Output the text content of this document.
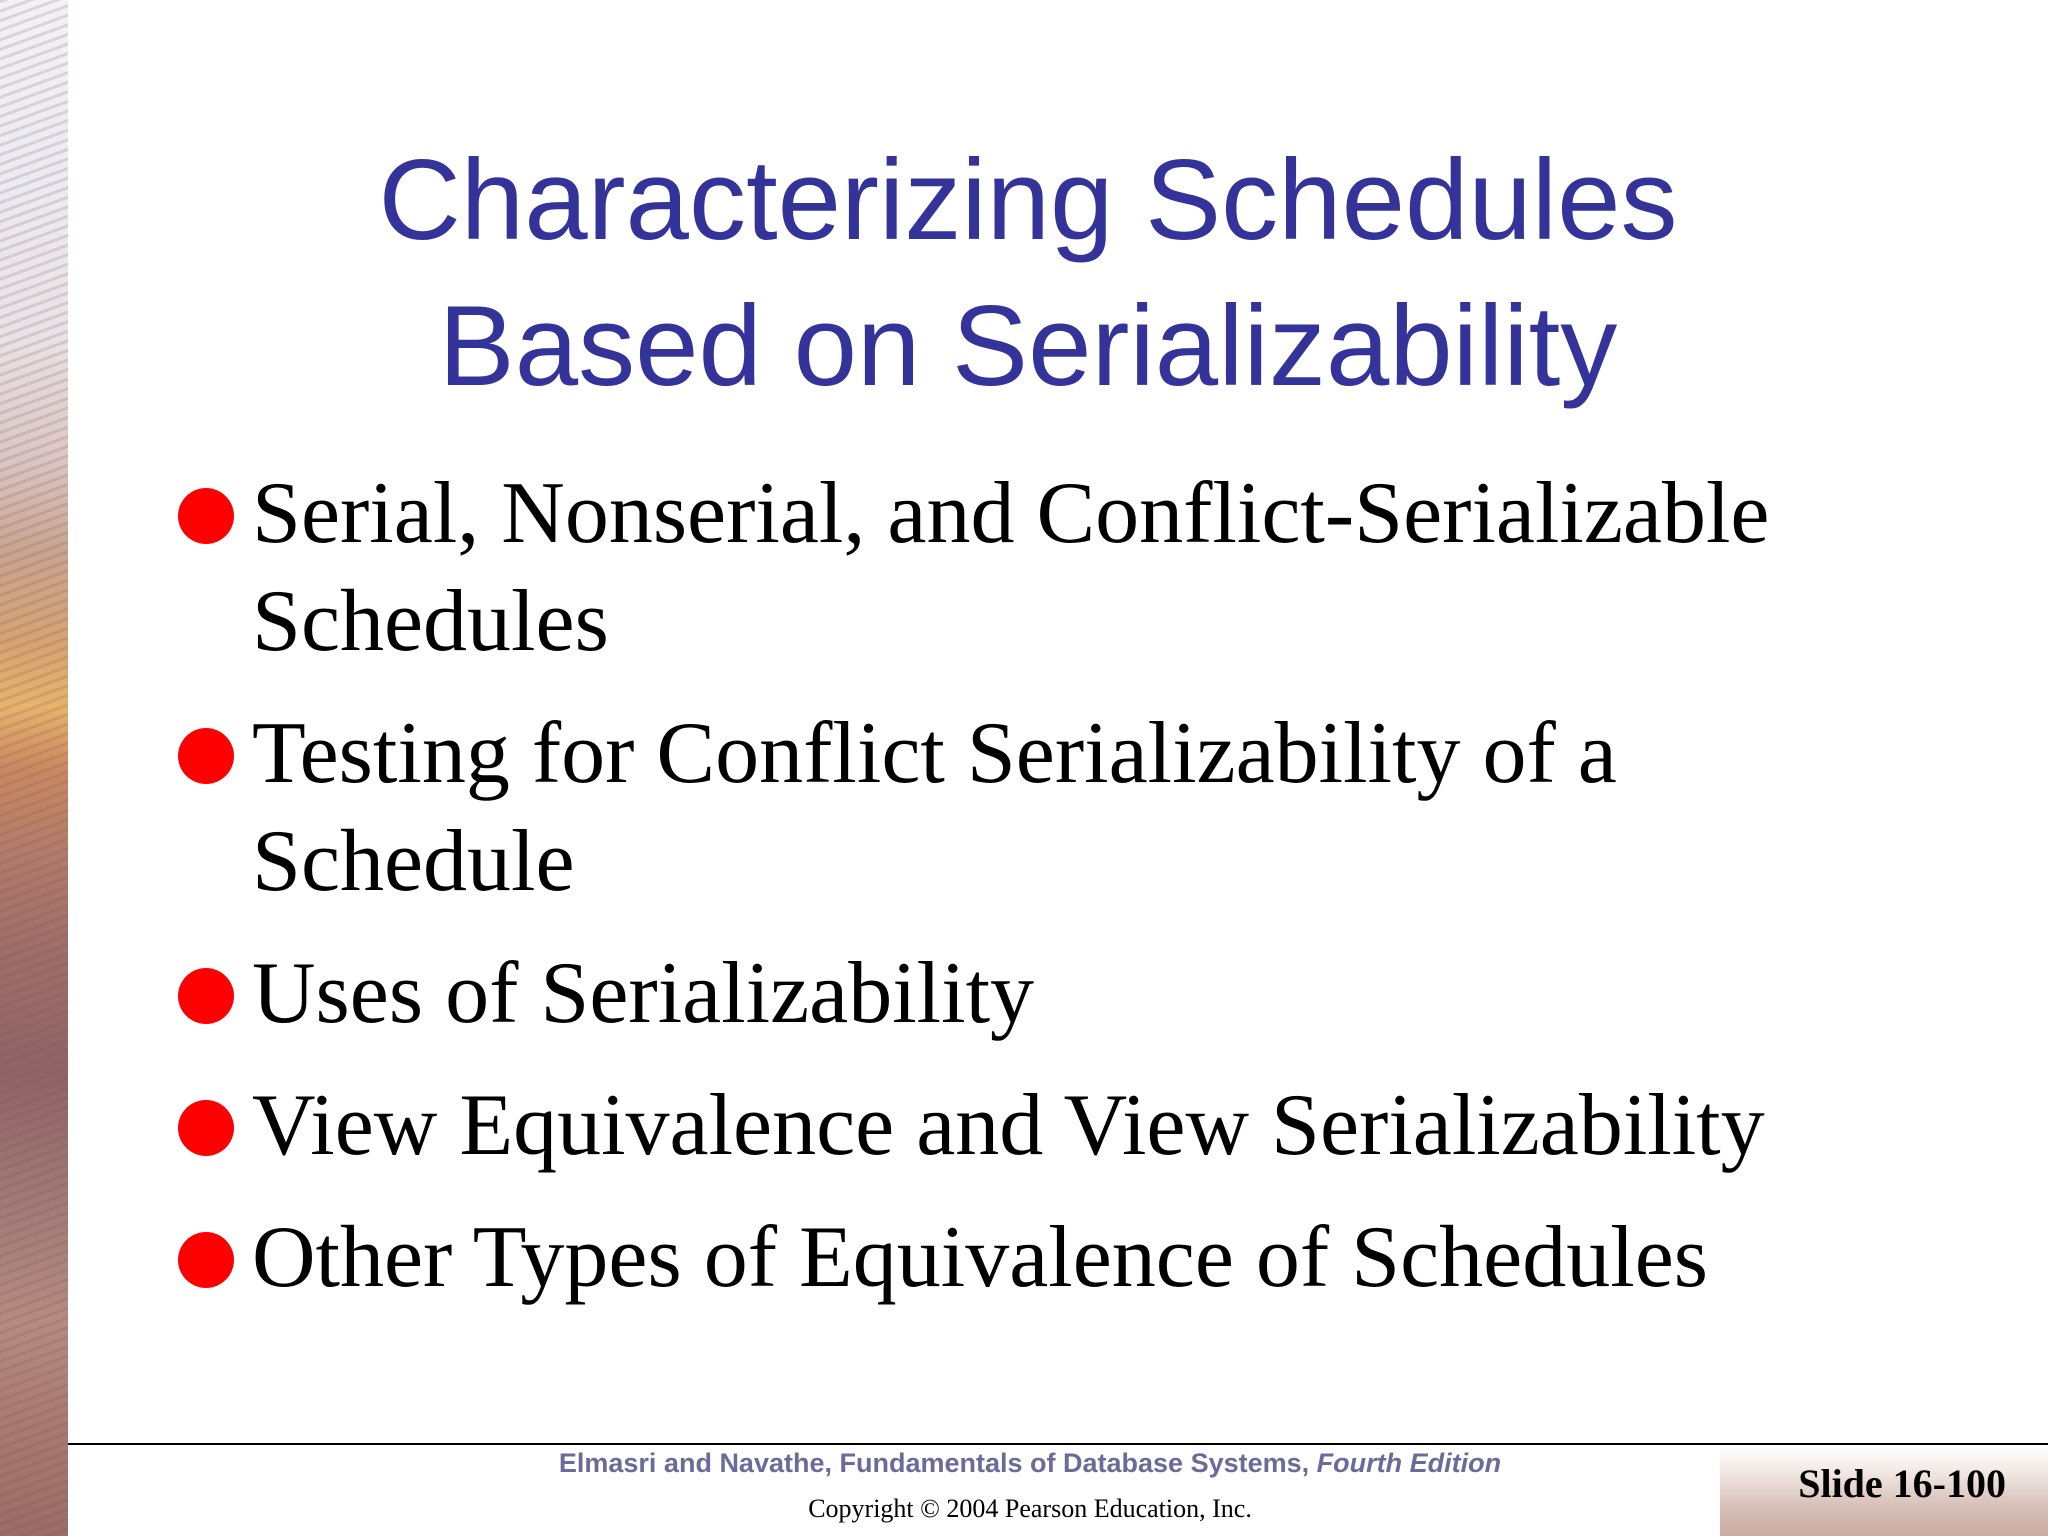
Characterizing Schedules
Based on Serializability
Serial, Nonserial, and Conflict-Serializable Schedules
Testing for Conflict Serializability of a Schedule
Uses of Serializability
View Equivalence and View Serializability
Other Types of Equivalence of Schedules
Elmasri and Navathe, Fundamentals of Database Systems, Fourth Edition
Copyright © 2004 Pearson Education, Inc.
Slide 16-100
